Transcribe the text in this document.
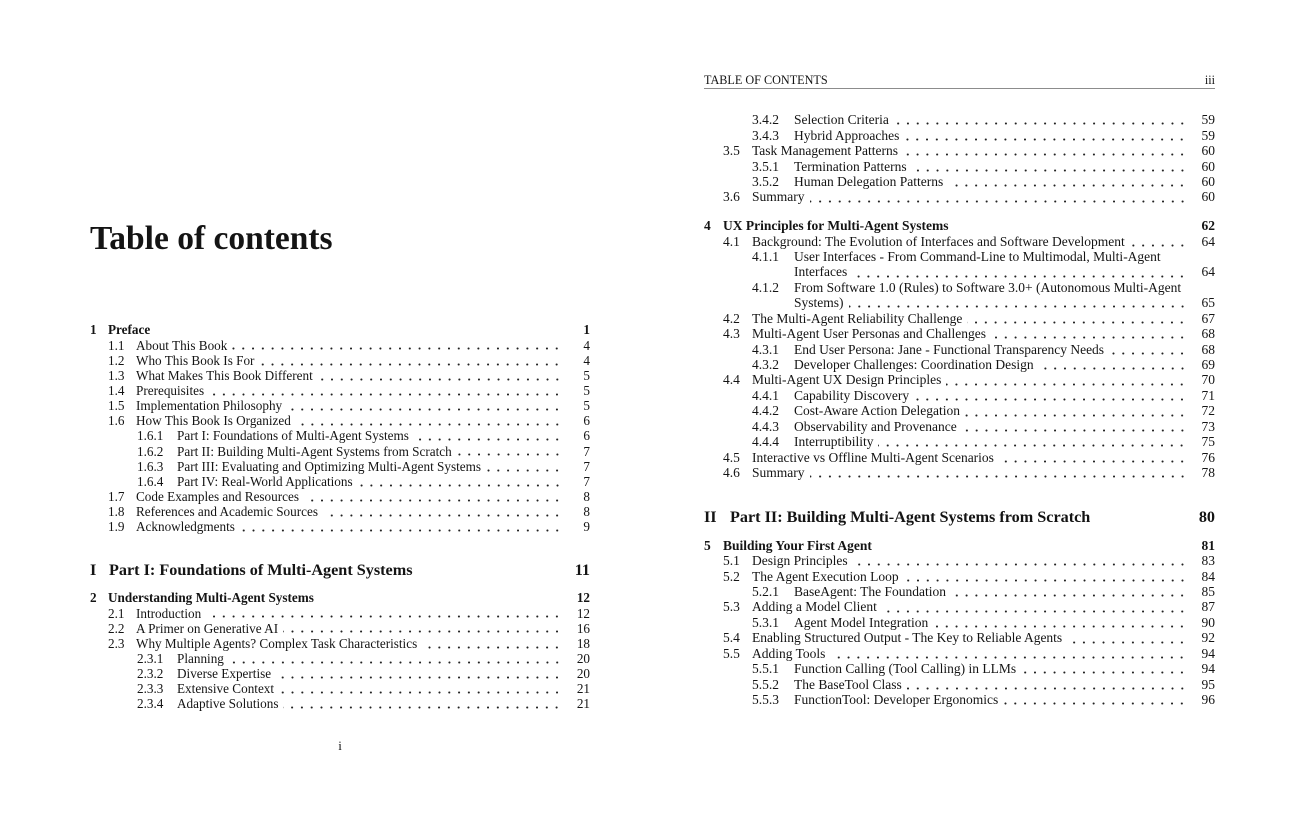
Table of contents
1 Preface	1
1.1 About This Book	4
1.2 Who This Book Is For	4
1.3 What Makes This Book Different	5
1.4 Prerequisites	5
1.5 Implementation Philosophy	5
1.6 How This Book Is Organized	6
1.6.1	Part I: Foundations of Multi-Agent Systems	6
1.6.2	Part II: Building Multi-Agent Systems from Scratch	7
1.6.3	Part III: Evaluating and Optimizing Multi-Agent Systems	7
1.6.4	Part IV: Real-World Applications	7
1.7 Code Examples and Resources	8
1.8 References and Academic Sources	8
1.9 Acknowledgments	9
I Part I: Foundations of Multi-Agent Systems	11
2 Understanding Multi-Agent Systems	12
2.1 Introduction	12
2.2 A Primer on Generative AI	16
2.3 Why Multiple Agents? Complex Task Characteristics	18
2.3.1	Planning	20
2.3.2	Diverse Expertise	20
2.3.3	Extensive Context	21
2.3.4	Adaptive Solutions	21
i
TABLE OF CONTENTS	iii
3.4.2	Selection Criteria	59
3.4.3	Hybrid Approaches	59
3.5 Task Management Patterns	60
3.5.1	Termination Patterns	60
3.5.2	Human Delegation Patterns	60
3.6 Summary	60
4 UX Principles for Multi-Agent Systems	62
4.1 Background: The Evolution of Interfaces and Software Development	64
4.1.1	User Interfaces - From Command-Line to Multimodal, Multi-Agent
Interfaces	64
4.1.2	From Software 1.0 (Rules) to Software 3.0+ (Autonomous Multi-Agent
Systems)	65
4.2 The Multi-Agent Reliability Challenge	67
4.3 Multi-Agent User Personas and Challenges	68
4.3.1	End User Persona: Jane - Functional Transparency Needs	68
4.3.2	Developer Challenges: Coordination Design	69
4.4 Multi-Agent UX Design Principles	70
4.4.1	Capability Discovery	71
4.4.2	Cost-Aware Action Delegation	72
4.4.3	Observability and Provenance	73
4.4.4	Interruptibility	75
4.5 Interactive vs Offline Multi-Agent Scenarios	76
4.6 Summary	78
II Part II: Building Multi-Agent Systems from Scratch	80
5 Building Your First Agent	81
5.1 Design Principles	83
5.2 The Agent Execution Loop	84
5.2.1	BaseAgent: The Foundation	85
5.3 Adding a Model Client	87
5.3.1	Agent Model Integration	90
5.4 Enabling Structured Output - The Key to Reliable Agents	92
5.5 Adding Tools	94
5.5.1	Function Calling (Tool Calling) in LLMs	94
5.5.2	The BaseTool Class	95
5.5.3	FunctionTool: Developer Ergonomics	96
